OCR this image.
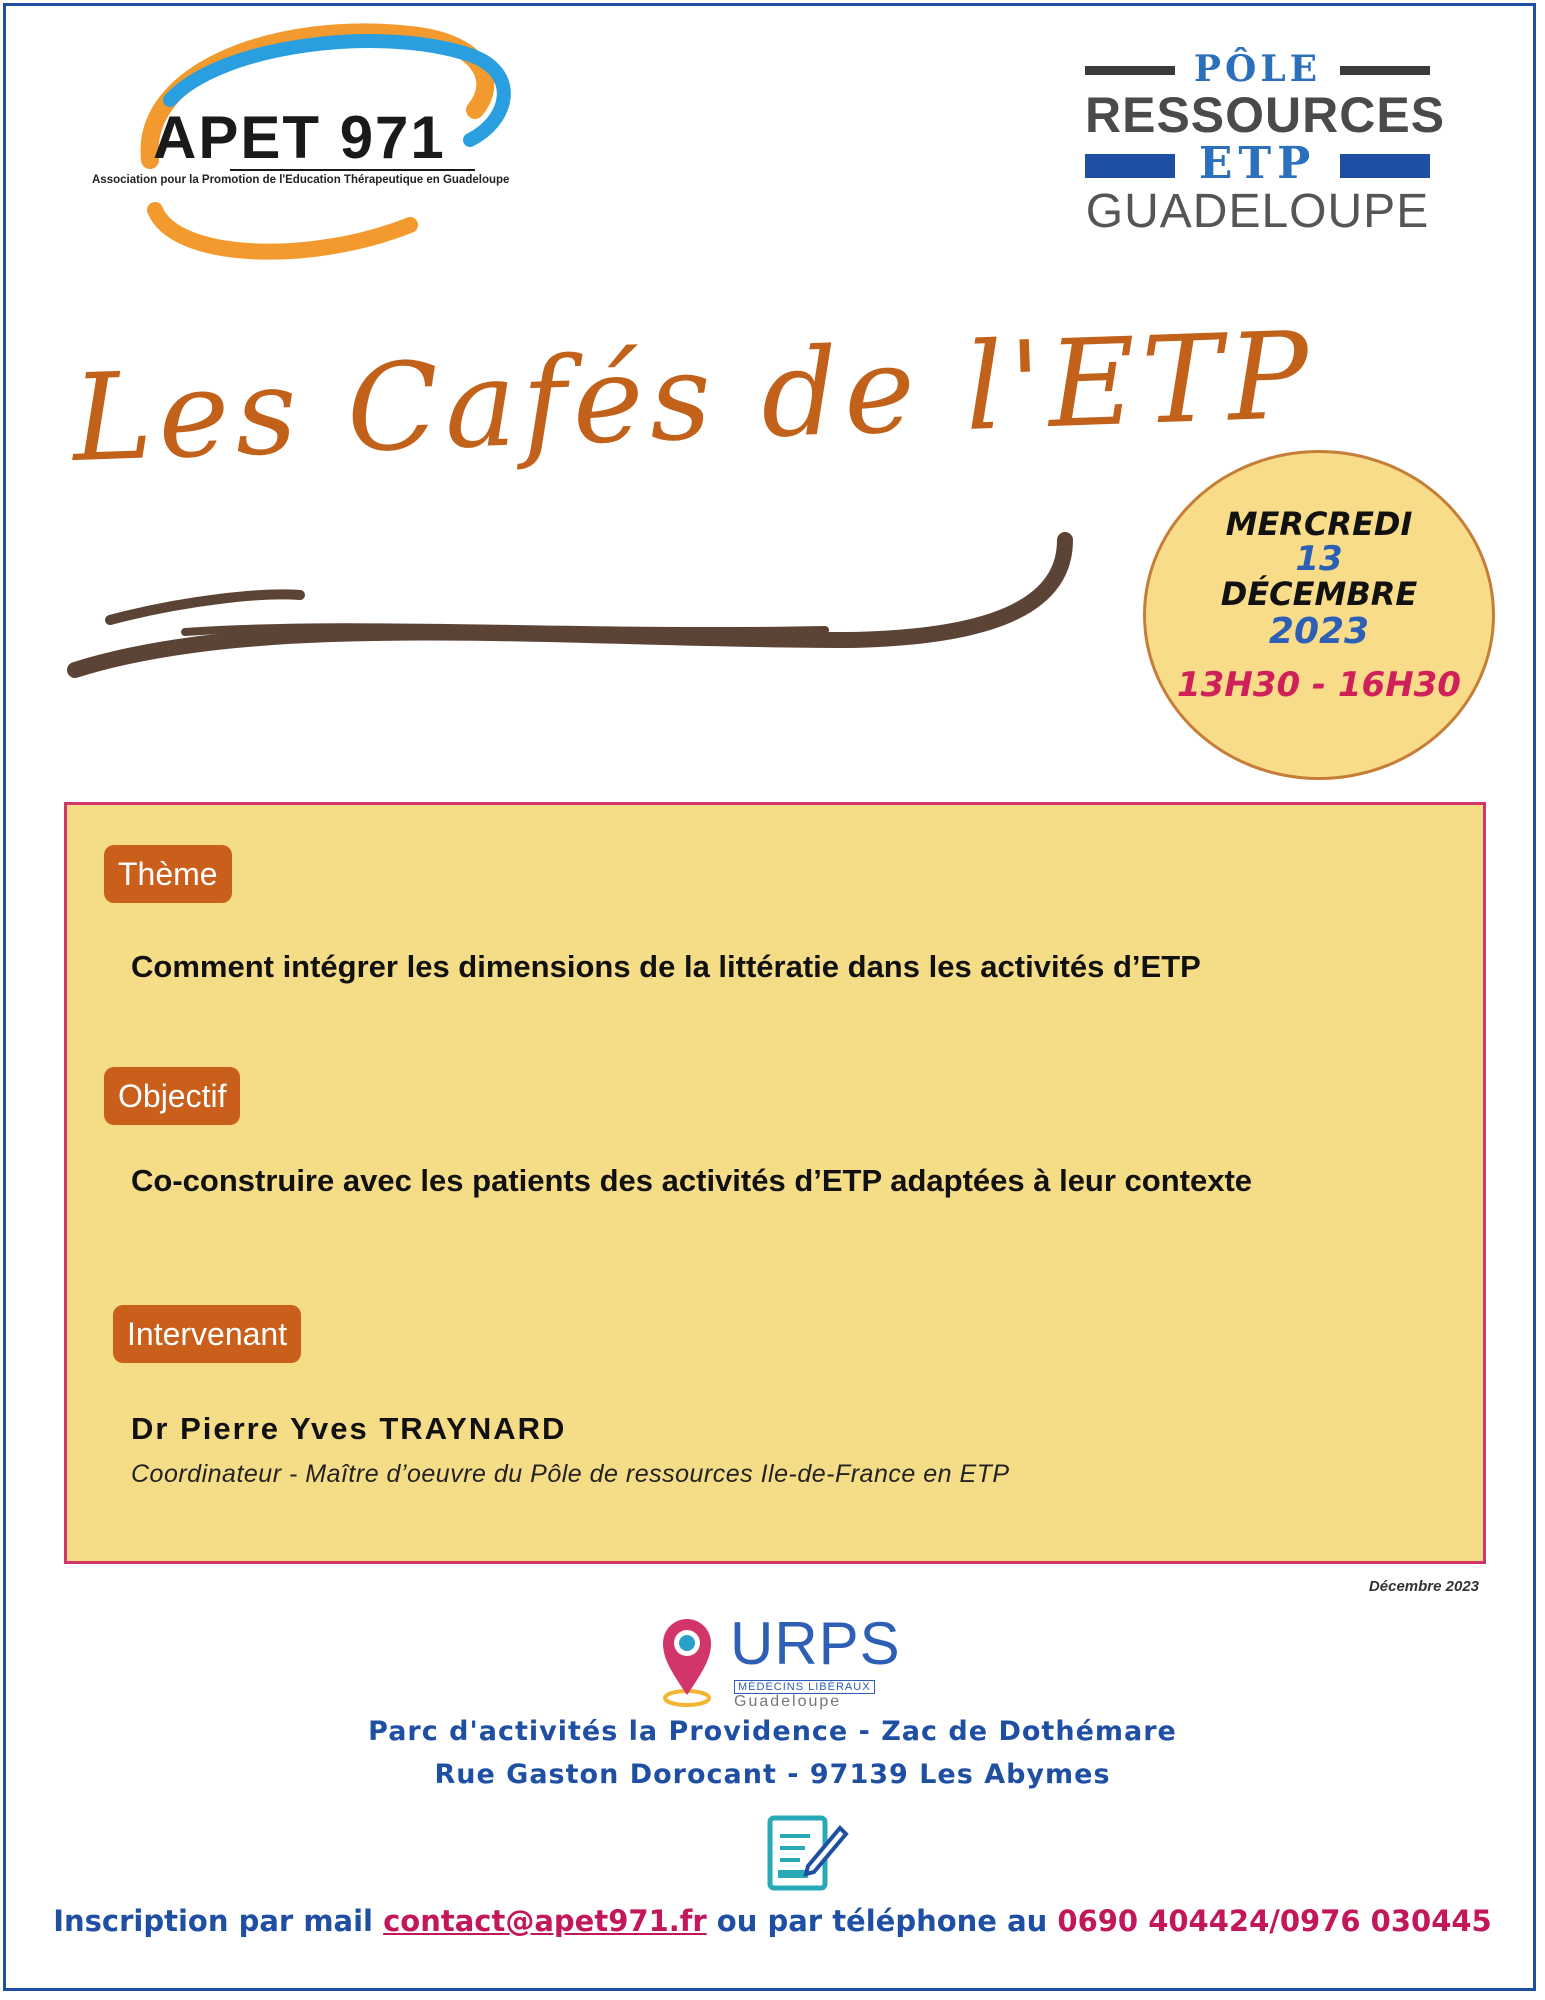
APET 971
Association pour la Promotion de l'Education Thérapeutique en Guadeloupe
PÔLE
RESSOURCES
ETP
GUADELOUPE
Les Cafés de l'ETP
MERCREDI
13
DÉCEMBRE
2023
13H30 - 16H30
Thème
Comment intégrer les dimensions de la littératie dans les activités d’ETP
Objectif
Co-construire avec les patients des activités d’ETP adaptées à leur contexte
Intervenant
Dr Pierre Yves TRAYNARD
Coordinateur - Maître d’oeuvre du Pôle de ressources Ile-de-France en ETP
Décembre 2023
URPS
MÉDECINS LIBÉRAUX
Guadeloupe
Parc d'activités la Providence - Zac de Dothémare
Rue Gaston Dorocant - 97139 Les Abymes
Inscription par mail contact@apet971.fr ou par téléphone au 0690 404424/0976 030445
